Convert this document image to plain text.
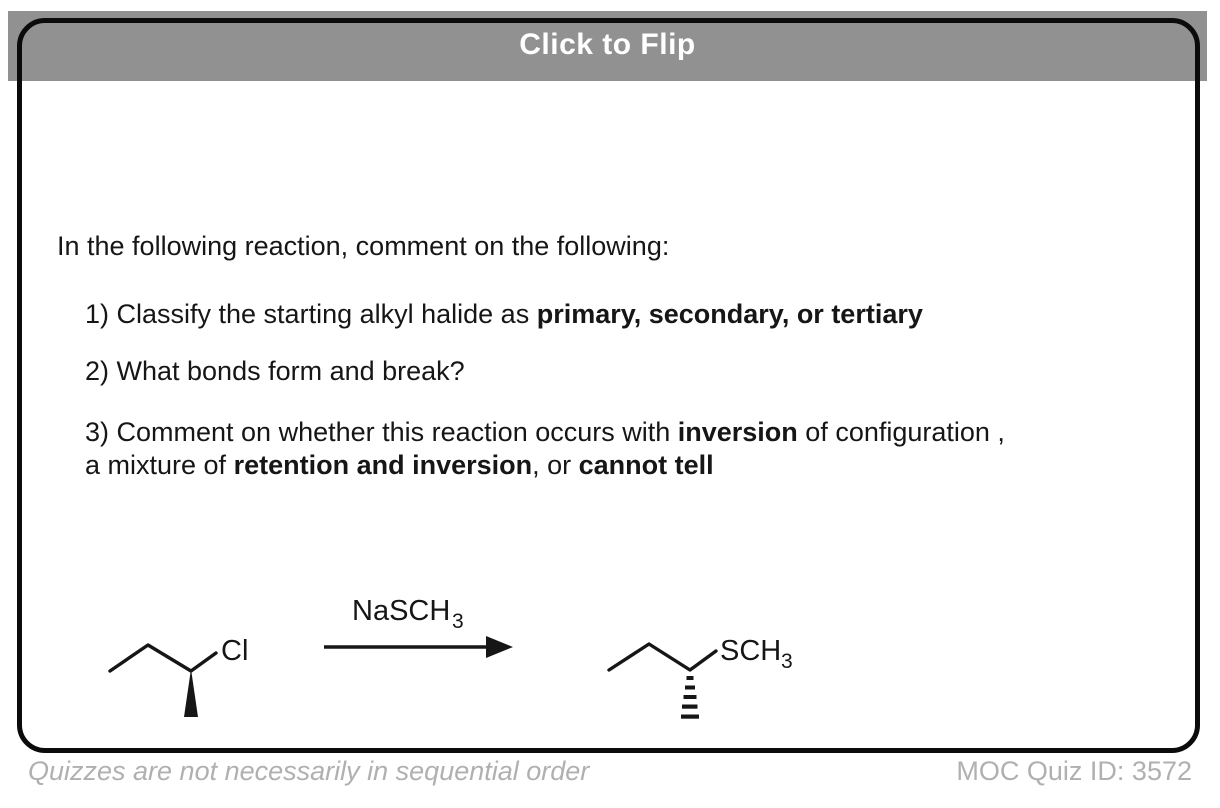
Click to Flip
In the following reaction, comment on the following:
1) Classify the starting alkyl halide as primary, secondary, or tertiary
2) What bonds form and break?
3) Comment on whether this reaction occurs with inversion of configuration ,
a mixture of retention and inversion, or cannot tell
Cl
NaSCH 3
SCH 3
Quizzes are not necessarily in sequential order	MOC Quiz ID: 3572
